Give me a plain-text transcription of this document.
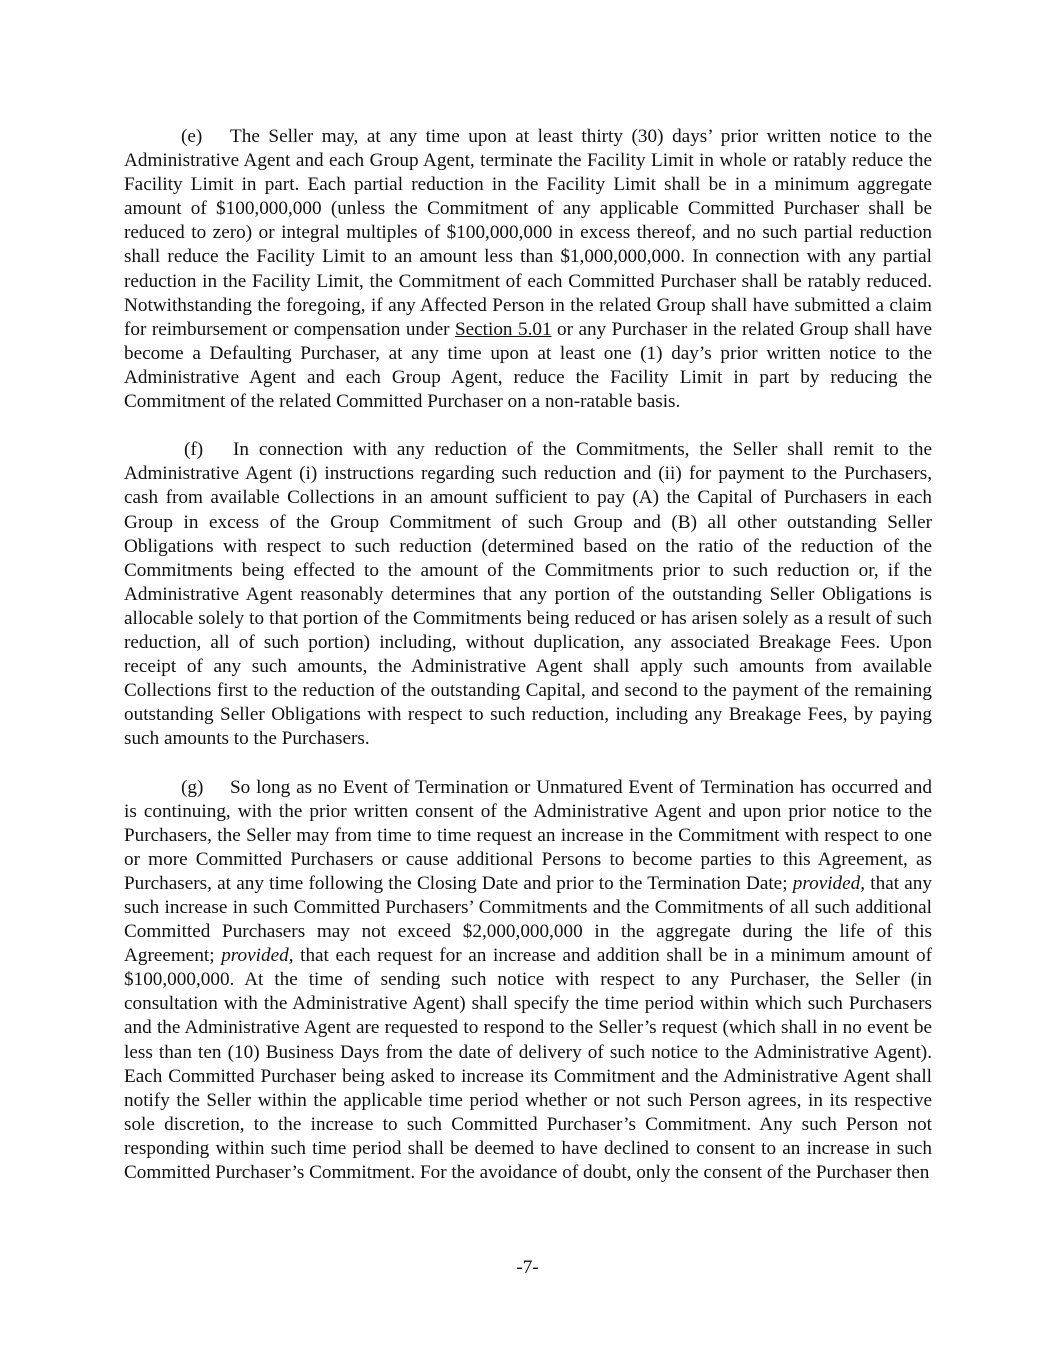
(e) The Seller may, at any time upon at least thirty (30) days’ prior written notice to the Administrative Agent and each Group Agent, terminate the Facility Limit in whole or ratably reduce the Facility Limit in part. Each partial reduction in the Facility Limit shall be in a minimum aggregate amount of $100,000,000 (unless the Commitment of any applicable Committed Purchaser shall be reduced to zero) or integral multiples of $100,000,000 in excess thereof, and no such partial reduction shall reduce the Facility Limit to an amount less than $1,000,000,000. In connection with any partial reduction in the Facility Limit, the Commitment of each Committed Purchaser shall be ratably reduced. Notwithstanding the foregoing, if any Affected Person in the related Group shall have submitted a claim for reimbursement or compensation under Section 5.01 or any Purchaser in the related Group shall have become a Defaulting Purchaser, at any time upon at least one (1) day’s prior written notice to the Administrative Agent and each Group Agent, reduce the Facility Limit in part by reducing the Commitment of the related Committed Purchaser on a non-ratable basis.

(f) In connection with any reduction of the Commitments, the Seller shall remit to the Administrative Agent (i) instructions regarding such reduction and (ii) for payment to the Purchasers, cash from available Collections in an amount sufficient to pay (A) the Capital of Purchasers in each Group in excess of the Group Commitment of such Group and (B) all other outstanding Seller Obligations with respect to such reduction (determined based on the ratio of the reduction of the Commitments being effected to the amount of the Commitments prior to such reduction or, if the Administrative Agent reasonably determines that any portion of the outstanding Seller Obligations is allocable solely to that portion of the Commitments being reduced or has arisen solely as a result of such reduction, all of such portion) including, without duplication, any associated Breakage Fees. Upon receipt of any such amounts, the Administrative Agent shall apply such amounts from available Collections first to the reduction of the outstanding Capital, and second to the payment of the remaining outstanding Seller Obligations with respect to such reduction, including any Breakage Fees, by paying such amounts to the Purchasers.

(g) So long as no Event of Termination or Unmatured Event of Termination has occurred and is continuing, with the prior written consent of the Administrative Agent and upon prior notice to the Purchasers, the Seller may from time to time request an increase in the Commitment with respect to one or more Committed Purchasers or cause additional Persons to become parties to this Agreement, as Purchasers, at any time following the Closing Date and prior to the Termination Date; provided, that any such increase in such Committed Purchasers’ Commitments and the Commitments of all such additional Committed Purchasers may not exceed $2,000,000,000 in the aggregate during the life of this Agreement; provided, that each request for an increase and addition shall be in a minimum amount of $100,000,000. At the time of sending such notice with respect to any Purchaser, the Seller (in consultation with the Administrative Agent) shall specify the time period within which such Purchasers and the Administrative Agent are requested to respond to the Seller’s request (which shall in no event be less than ten (10) Business Days from the date of delivery of such notice to the Administrative Agent). Each Committed Purchaser being asked to increase its Commitment and the Administrative Agent shall notify the Seller within the applicable time period whether or not such Person agrees, in its respective sole discretion, to the increase to such Committed Purchaser’s Commitment. Any such Person not responding within such time period shall be deemed to have declined to consent to an increase in such Committed Purchaser’s Commitment. For the avoidance of doubt, only the consent of the Purchaser then

-7-
